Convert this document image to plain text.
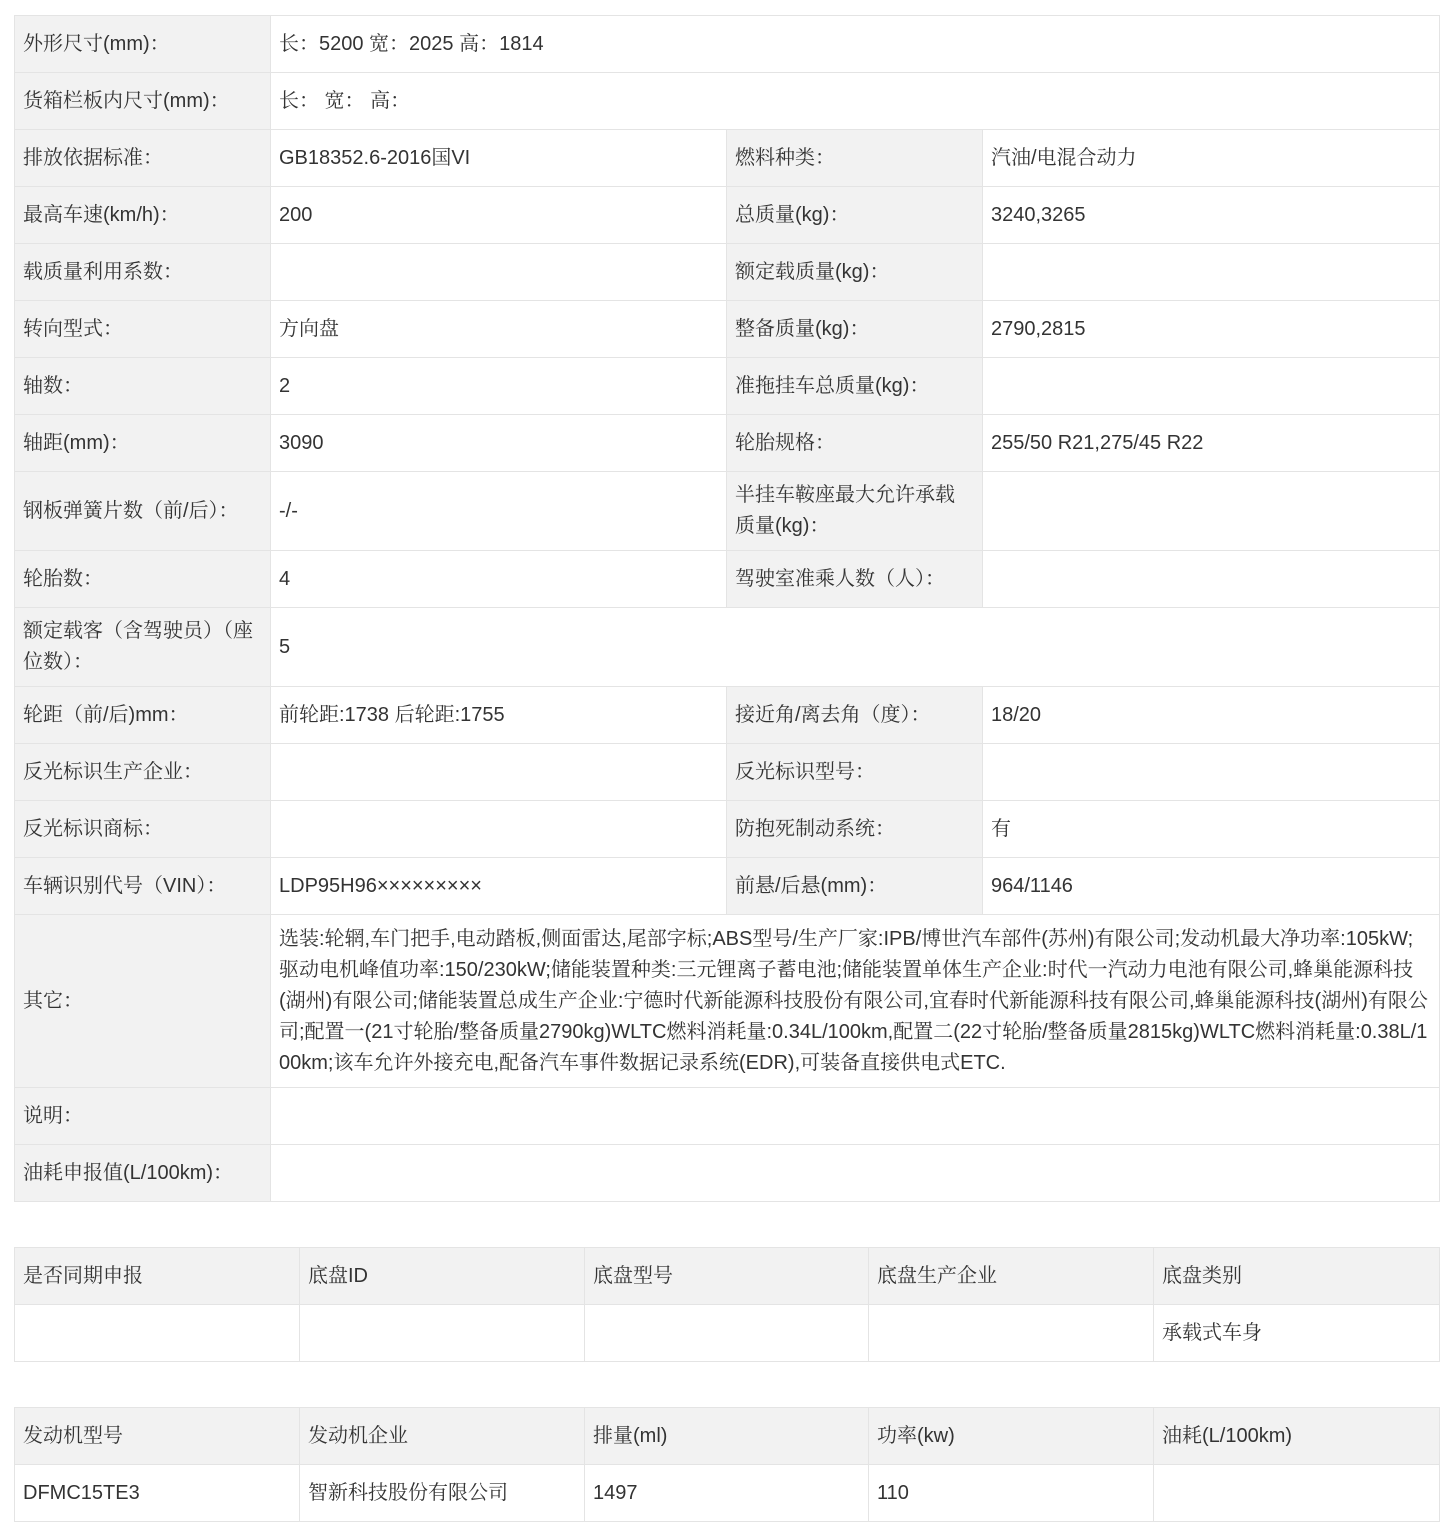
外形尺寸(mm)：	长：5200 宽：2025 高：1814		
货箱栏板内尺寸(mm)：	长： 宽： 高：		
排放依据标准：	GB18352.6-2016国VI	燃料种类：	汽油/电混合动力
最高车速(km/h)：	200	总质量(kg)：	3240,3265
载质量利用系数：		额定载质量(kg)：	
转向型式：	方向盘	整备质量(kg)：	2790,2815
轴数：	2	准拖挂车总质量(kg)：	
轴距(mm)：	3090	轮胎规格：	255/50 R21,275/45 R22
钢板弹簧片数（前/后）：	-/-	半挂车鞍座最大允许承载质量(kg)：	
轮胎数：	4	驾驶室准乘人数（人）：	
额定载客（含驾驶员）（座位数）：	5		
轮距（前/后)mm：	前轮距:1738 后轮距:1755	接近角/离去角（度）：	18/20
反光标识生产企业：		反光标识型号：	
反光标识商标：		防抱死制动系统：	有
车辆识别代号（VIN）：	LDP95H96×××××××××	前悬/后悬(mm)：	964/1146
其它：	选装:轮辋,车门把手,电动踏板,侧面雷达,尾部字标;ABS型号/生产厂家:IPB/博世汽车部件(苏州)有限公司;发动机最大净功率:105kW;驱动电机峰值功率:150/230kW;储能装置种类:三元锂离子蓄电池;储能装置单体生产企业:时代一汽动力电池有限公司,蜂巢能源科技(湖州)有限公司;储能装置总成生产企业:宁德时代新能源科技股份有限公司,宜春时代新能源科技有限公司,蜂巢能源科技(湖州)有限公司;配置一(21寸轮胎/整备质量2790kg)WLTC燃料消耗量:0.34L/100km,配置二(22寸轮胎/整备质量2815kg)WLTC燃料消耗量:0.38L/100km;该车允许外接充电,配备汽车事件数据记录系统(EDR),可装备直接供电式ETC.		
说明：			
油耗申报值(L/100km)：			
是否同期申报	底盘ID	底盘型号	底盘生产企业	底盘类别
				承载式车身
发动机型号	发动机企业	排量(ml)	功率(kw)	油耗(L/100km)
DFMC15TE3	智新科技股份有限公司	1497	110	
